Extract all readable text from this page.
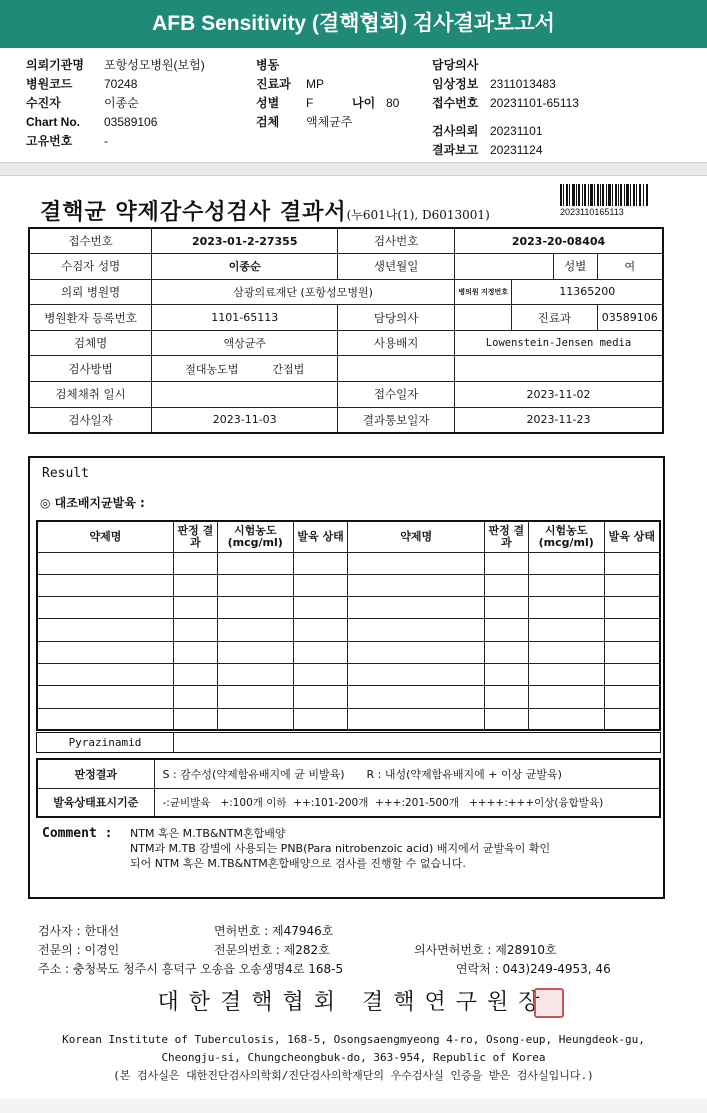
AFB Sensitivity (결핵협회) 검사결과보고서
의뢰기관명 포항성모병원(보험)
병원코드	70248
수진자	이종순
Chart No. 03589106
고유번호	-
병동
진료과 MP
성별 F	나이 80
검체 액체균주
담당의사
임상정보 2311013483
접수번호 20231101-65113
검사의뢰 20231101
결과보고 20231124
결핵균 약제감수성검사 결과서(누601나(1), D6013001)	2023110165113
접수번호	2023-01-2-27355	검사번호	2023-20-08404			
수검자 성명	이종순	생년월일			성별	여
의뢰 병원명	삼광의료재단 (포항성모병원)		병의원 지정번호	11365200		
병원환자 등록번호	1101-65113	담당의사		진료과		03589106
검체명	액상균주	사용배지	Lowenstein-Jensen media			
검사방법	절대농도법 간접법					
검체채취 일시		접수일자	2023-11-02			
검사일자	2023-11-03	결과통보일자	2023-11-23			
Result
◎ 대조배지균발육 :
약제명	판정 결과	시험농도 (mcg/ml)	발육 상태	약제명	판정 결과	시험농도 (mcg/ml)	발육 상태

Pyrazinamid
판정결과	S : 감수성(약제함유배지에 균 비발육) R : 내성(약제함유배지에 + 이상 균발육)
발육상태표시기준	-:균비발육   +:100개 이하  ++:101-200개  +++:201-500개   ++++:+++이상(융합발육)
Comment : NTM 혹은 M.TB&NTM혼합배양
NTM과 M.TB 감별에 사용되는 PNB(Para nitrobenzoic acid) 배지에서 균발육이 확인
되어 NTM 혹은 M.TB&NTM혼합배양으로 검사를 진행할 수 없습니다.
검사자 : 한대선	면허번호 : 제47946호
전문의 : 이경인	전문의번호 : 제282호	의사면허번호 : 제28910호
주소 : 충청북도 청주시 흥덕구 오송읍 오송생명4로 168-5	연락처 : 043)249-4953, 46
대한결핵협회 결핵연구원장
Korean Institute of Tuberculosis, 168-5, Osongsaengmyeong 4-ro, Osong-eup, Heungdeok-gu,
Cheongju-si, Chungcheongbuk-do, 363-954, Republic of Korea
(본 검사실은 대한진단검사의학회/진단검사의학재단의 우수검사실 인증을 받은 검사실입니다.)
